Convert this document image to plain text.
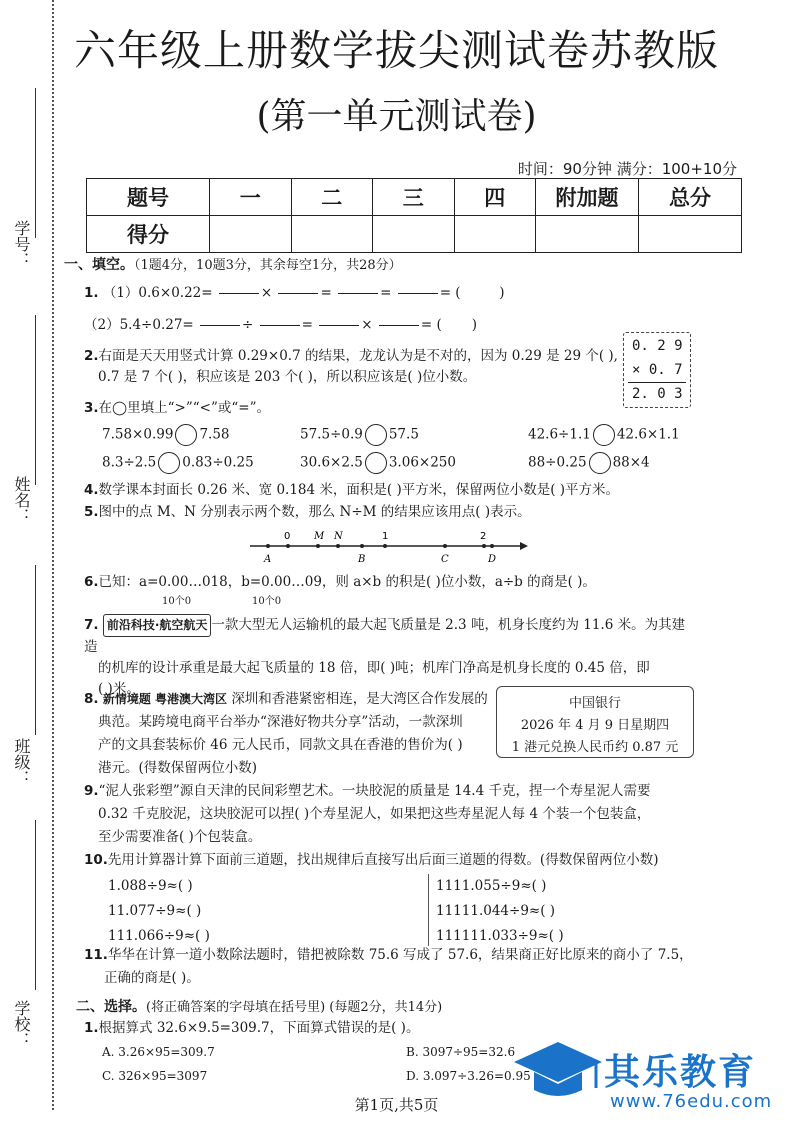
学号：
姓名：
班级：
学校：
六年级上册数学拔尖测试卷苏教版
(第一单元测试卷)
时间：90分钟 满分：100+10分
题号	一	二	三	四	附加题	总分
得分						
一、填空。（1题4分，10题3分，其余每空1分，共28分）
1. （1）0.6×0.22=	×	=	=	= (         )
（2）5.4÷0.27=	÷	=	×	= (       )
2.右面是天天用竖式计算 0.29×0.7 的结果，龙龙认为是不对的，因为 0.29 是 29 个( ),
0.7 是 7 个( )，积应该是 203 个( )，所以积应该是( )位小数。
0. 2 9
× 0. 7
2. 0 3
3.在◯里填上“>”“<”或“=”。
7.58×0.99 7.58	57.5÷0.9 57.5	42.6÷1.1 42.6×1.1
8.3÷2.5 0.83÷0.25	30.6×2.5 3.06×250	88÷0.25 88×4
4.数学课本封面长 0.26 米、宽 0.184 米，面积是( )平方米，保留两位小数是( )平方米。
5.图中的点 M、N 分别表示两个数，那么 N÷M 的结果应该用点( )表示。
0 M N	1	2
A	B	C	D
6.已知：a=0.00…018，b=0.00…09，则 a×b 的积是( )位小数，a÷b 的商是( )。
10个0	10个0
7. 前沿科技·航空航天 一款大型无人运输机的最大起飞质量是 2.3 吨，机身长度约为 11.6 米。为其建造
的机库的设计承重是最大起飞质量的 18 倍，即( )吨；机库门净高是机身长度的 0.45 倍，即
( )米。
8. 新情境题 粤港澳大湾区 深圳和香港紧密相连，是大湾区合作发展的
典范。某跨境电商平台举办“深港好物共分享”活动，一款深圳
产的文具套装标价 46 元人民币，同款文具在香港的售价为( )
港元。(得数保留两位小数)
中国银行
2026 年 4 月 9 日星期四
1 港元兑换人民币约 0.87 元
9.“泥人张彩塑”源自天津的民间彩塑艺术。一块胶泥的质量是 14.4 千克，捏一个寿星泥人需要
0.32 千克胶泥，这块胶泥可以捏( )个寿星泥人，如果把这些寿星泥人每 4 个装一个包装盒，
至少需要准备( )个包装盒。
10.先用计算器计算下面前三道题，找出规律后直接写出后面三道题的得数。(得数保留两位小数)
1.088÷9≈( )
11.077÷9≈( )
111.066÷9≈( )
1111.055÷9≈( )
11111.044÷9≈( )
111111.033÷9≈( )
11.华华在计算一道小数除法题时，错把被除数 75.6 写成了 57.6，结果商正好比原来的商小了 7.5，
正确的商是( )。
二、选择。(将正确答案的字母填在括号里) (每题2分，共14分)
1.根据算式 32.6×9.5=309.7，下面算式错误的是( )。
A. 3.26×95=309.7	B. 3097÷95=32.6
C. 326×95=3097	D. 3.097÷3.26=0.95 其乐教育
www.76edu.com
第1页,共5页
